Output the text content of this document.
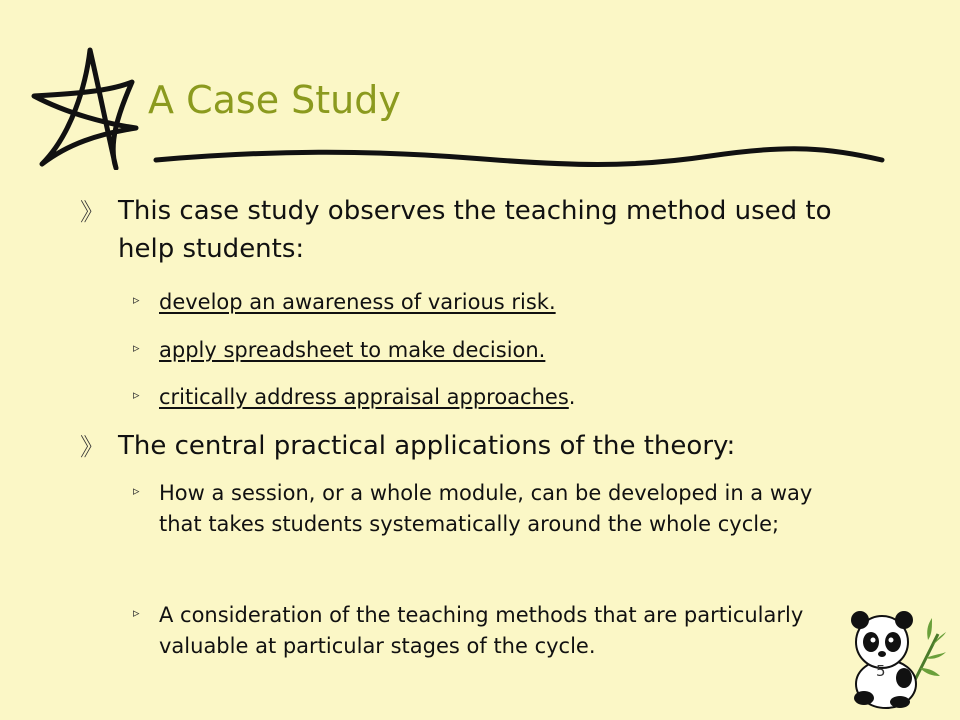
A Case Study
》 This case study observes the teaching method used to help students:
▹ develop an awareness of various risk.
▹ apply spreadsheet to make decision.
▹ critically address appraisal approaches.
》 The central practical applications of the theory:
▹ How a session, or a whole module, can be developed in a way that takes students systematically around the whole cycle;
▹ A consideration of the teaching methods that are particularly valuable at particular stages of the cycle.
5
